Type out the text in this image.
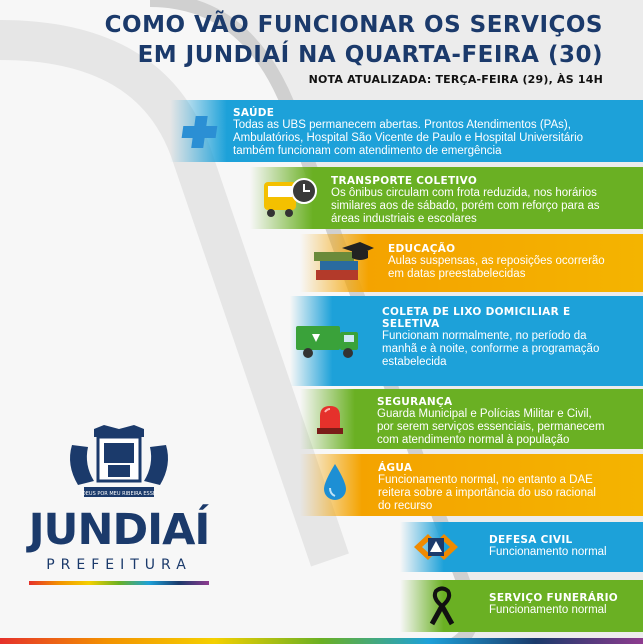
COMO VÃO FUNCIONAR OS SERVIÇOS
EM JUNDIAÍ NA QUARTA-FEIRA (30)
NOTA ATUALIZADA: TERÇA-FEIRA (29), ÀS 14H
SAÚDE
Todas as UBS permanecem abertas. Prontos Atendimentos (PAs),
Ambulatórios, Hospital São Vicente de Paulo e Hospital Universitário
também funcionam com atendimento de emergência
TRANSPORTE COLETIVO
Os ônibus circulam com frota reduzida, nos horários
similares aos de sábado, porém com reforço para as
áreas industriais e escolares
EDUCAÇÃO
Aulas suspensas, as reposições ocorrerão
em datas preestabelecidas
COLETA DE LIXO DOMICILIAR E
SELETIVA
Funcionam normalmente, no período da
manhã e à noite, conforme a programação
estabelecida
SEGURANÇA
Guarda Municipal e Polícias Militar e Civil,
por serem serviços essenciais, permanecem
com atendimento normal à população
ÁGUA
Funcionamento normal, no entanto a DAE
reitera sobre a importância do uso racional
do recurso
DEFESA CIVIL
Funcionamento normal
SERVIÇO FUNERÁRIO
Funcionamento normal
DEUS POR MEU RIBEIRA ESSE
JUNDIAÍ
PREFEITURA
